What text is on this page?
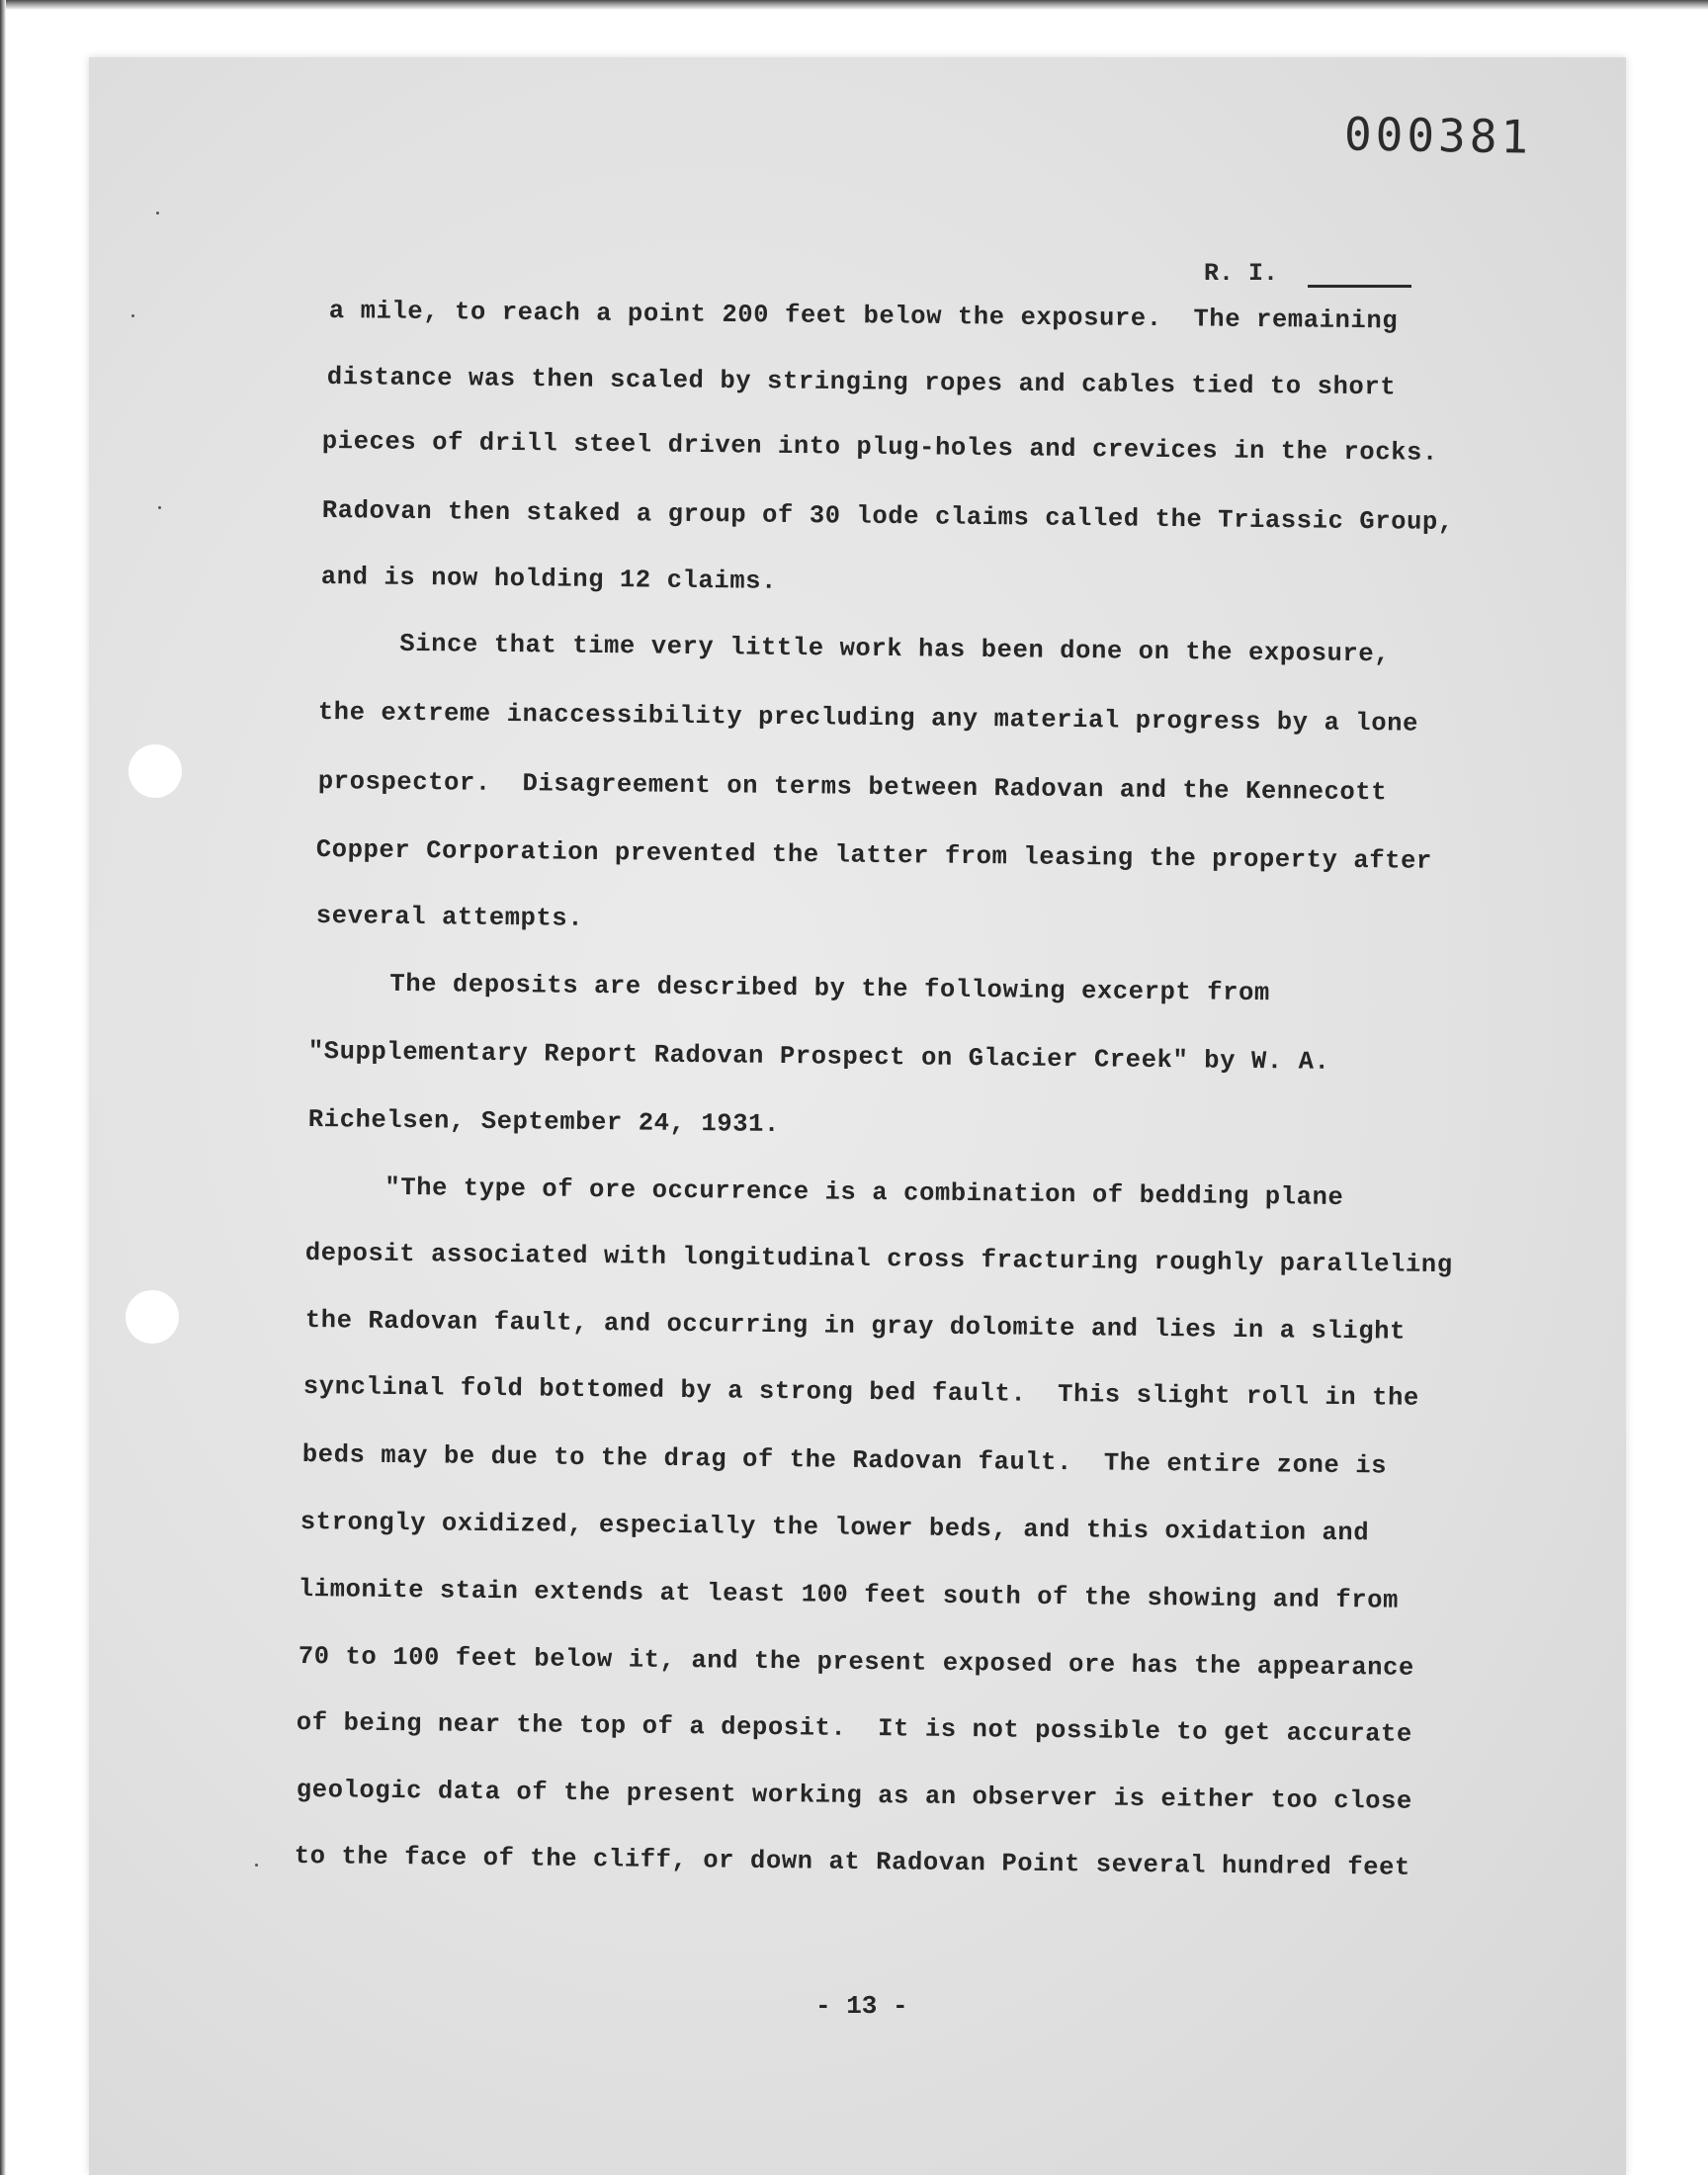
000381
R. I.
a mile, to reach a point 200 feet below the exposure.  The remaining
distance was then scaled by stringing ropes and cables tied to short
pieces of drill steel driven into plug-holes and crevices in the rocks.
Radovan then staked a group of 30 lode claims called the Triassic Group,
and is now holding 12 claims.
Since that time very little work has been done on the exposure,
the extreme inaccessibility precluding any material progress by a lone
prospector.  Disagreement on terms between Radovan and the Kennecott
Copper Corporation prevented the latter from leasing the property after
several attempts.
The deposits are described by the following excerpt from
"Supplementary Report Radovan Prospect on Glacier Creek" by W. A.
Richelsen, September 24, 1931.
"The type of ore occurrence is a combination of bedding plane
deposit associated with longitudinal cross fracturing roughly paralleling
the Radovan fault, and occurring in gray dolomite and lies in a slight
synclinal fold bottomed by a strong bed fault.  This slight roll in the
beds may be due to the drag of the Radovan fault.  The entire zone is
strongly oxidized, especially the lower beds, and this oxidation and
limonite stain extends at least 100 feet south of the showing and from
70 to 100 feet below it, and the present exposed ore has the appearance
of being near the top of a deposit.  It is not possible to get accurate
geologic data of the present working as an observer is either too close
to the face of the cliff, or down at Radovan Point several hundred feet
- 13 -
